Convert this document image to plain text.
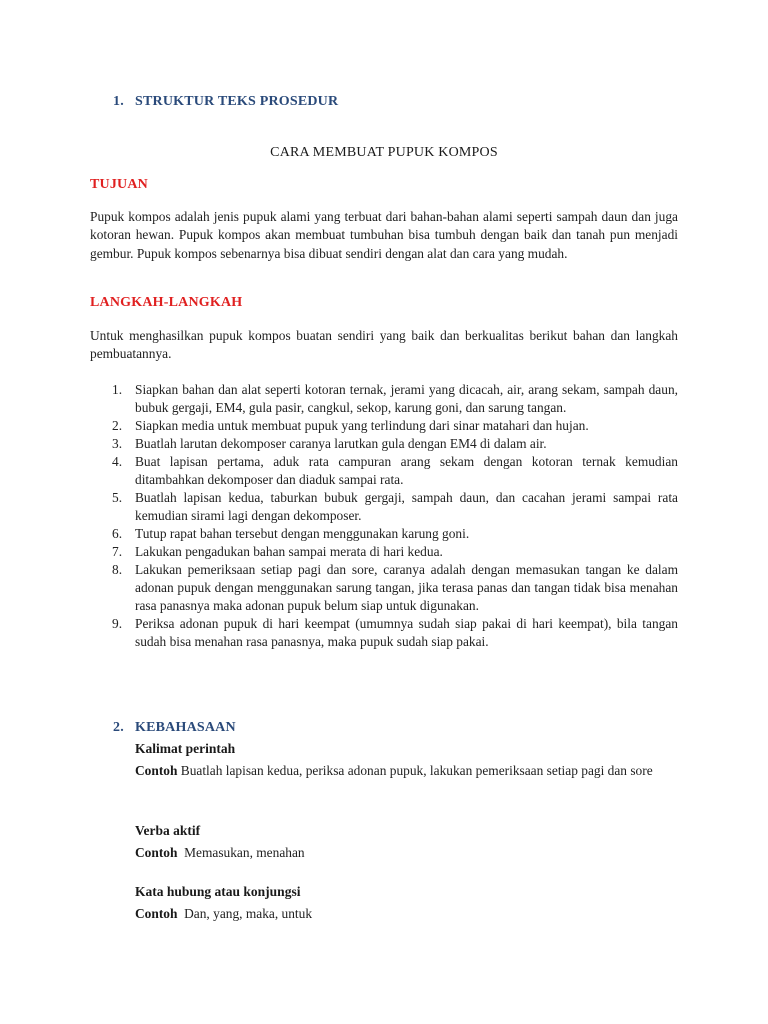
1. STRUKTUR TEKS PROSEDUR
CARA MEMBUAT PUPUK KOMPOS
TUJUAN
Pupuk kompos adalah jenis pupuk alami yang terbuat dari bahan-bahan alami seperti sampah daun dan juga kotoran hewan. Pupuk kompos akan membuat tumbuhan bisa tumbuh dengan baik dan tanah pun menjadi gembur. Pupuk kompos sebenarnya bisa dibuat sendiri dengan alat dan cara yang mudah.
LANGKAH-LANGKAH
Untuk menghasilkan pupuk kompos buatan sendiri yang baik dan berkualitas berikut bahan dan langkah pembuatannya.
1. Siapkan bahan dan alat seperti kotoran ternak, jerami yang dicacah, air, arang sekam, sampah daun, bubuk gergaji, EM4, gula pasir, cangkul, sekop, karung goni, dan sarung tangan.
2. Siapkan media untuk membuat pupuk yang terlindung dari sinar matahari dan hujan.
3. Buatlah larutan dekomposer caranya larutkan gula dengan EM4 di dalam air.
4. Buat lapisan pertama, aduk rata campuran arang sekam dengan kotoran ternak kemudian ditambahkan dekomposer dan diaduk sampai rata.
5. Buatlah lapisan kedua, taburkan bubuk gergaji, sampah daun, dan cacahan jerami sampai rata kemudian sirami lagi dengan dekomposer.
6. Tutup rapat bahan tersebut dengan menggunakan karung goni.
7. Lakukan pengadukan bahan sampai merata di hari kedua.
8. Lakukan pemeriksaan setiap pagi dan sore, caranya adalah dengan memasukan tangan ke dalam adonan pupuk dengan menggunakan sarung tangan, jika terasa panas dan tangan tidak bisa menahan rasa panasnya maka adonan pupuk belum siap untuk digunakan.
9. Periksa adonan pupuk di hari keempat (umumnya sudah siap pakai di hari keempat), bila tangan sudah bisa menahan rasa panasnya, maka pupuk sudah siap pakai.
2. KEBAHASAAN
Kalimat perintah
Contoh Buatlah lapisan kedua, periksa adonan pupuk, lakukan pemeriksaan setiap pagi dan sore
Verba aktif
Contoh  Memasukan, menahan
Kata hubung atau konjungsi
Contoh  Dan, yang, maka, untuk
